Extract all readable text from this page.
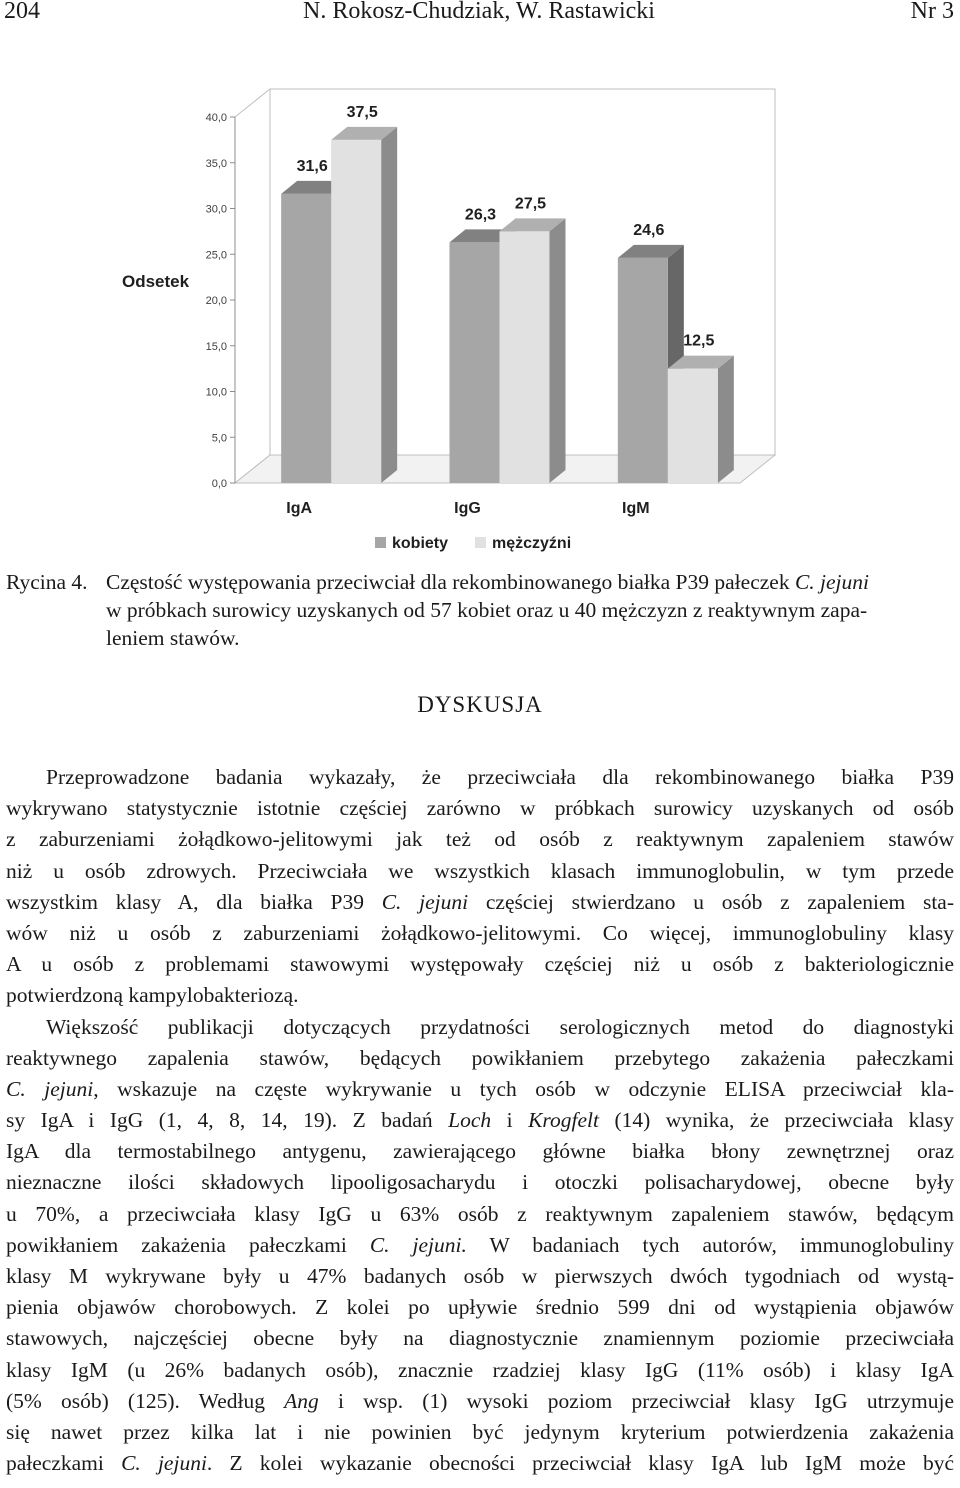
204	N. Rokosz-Chudziak, W. Rastawicki	Nr 3
0,0
5,0
10,0
15,0
20,0
25,0
30,0
35,0
40,0
Odsetek
31,6
37,5
IgA
26,3
27,5
IgG
24,6
12,5
IgM
kobiety	mężczyźni
Rycina 4. Częstość występowania przeciwciał dla rekombinowanego białka P39 pałeczek C. jejuni
w próbkach surowicy uzyskanych od 57 kobiet oraz u 40 mężczyzn z reaktywnym zapa-
leniem stawów.
DYSKUSJA
Przeprowadzone badania wykazały, że przeciwciała dla rekombinowanego białka P39
wykrywano statystycznie istotnie częściej zarówno w próbkach surowicy uzyskanych od osób
z zaburzeniami żołądkowo-jelitowymi jak też od osób z reaktywnym zapaleniem stawów
niż u osób zdrowych. Przeciwciała we wszystkich klasach immunoglobulin, w tym przede
wszystkim klasy A, dla białka P39 C. jejuni częściej stwierdzano u osób z zapaleniem sta-
wów niż u osób z zaburzeniami żołądkowo-jelitowymi. Co więcej, immunoglobuliny klasy
A u osób z problemami stawowymi występowały częściej niż u osób z bakteriologicznie
potwierdzoną kampylobakteriozą.
Większość publikacji dotyczących przydatności serologicznych metod do diagnostyki
reaktywnego zapalenia stawów, będących powikłaniem przebytego zakażenia pałeczkami
C. jejuni, wskazuje na częste wykrywanie u tych osób w odczynie ELISA przeciwciał kla-
sy IgA i IgG (1, 4, 8, 14, 19). Z badań Loch i Krogfelt (14) wynika, że przeciwciała klasy
IgA dla termostabilnego antygenu, zawierającego główne białka błony zewnętrznej oraz
nieznaczne ilości składowych lipooligosacharydu i otoczki polisacharydowej, obecne były
u 70%, a przeciwciała klasy IgG u 63% osób z reaktywnym zapaleniem stawów, będącym
powikłaniem zakażenia pałeczkami C. jejuni. W badaniach tych autorów, immunoglobuliny
klasy M wykrywane były u 47% badanych osób w pierwszych dwóch tygodniach od wystą-
pienia objawów chorobowych. Z kolei po upływie średnio 599 dni od wystąpienia objawów
stawowych, najczęściej obecne były na diagnostycznie znamiennym poziomie przeciwciała
klasy IgM (u 26% badanych osób), znacznie rzadziej klasy IgG (11% osób) i klasy IgA
(5% osób) (125). Według Ang i wsp. (1) wysoki poziom przeciwciał klasy IgG utrzymuje
się nawet przez kilka lat i nie powinien być jedynym kryterium potwierdzenia zakażenia
pałeczkami C. jejuni. Z kolei wykazanie obecności przeciwciał klasy IgA lub IgM może być
